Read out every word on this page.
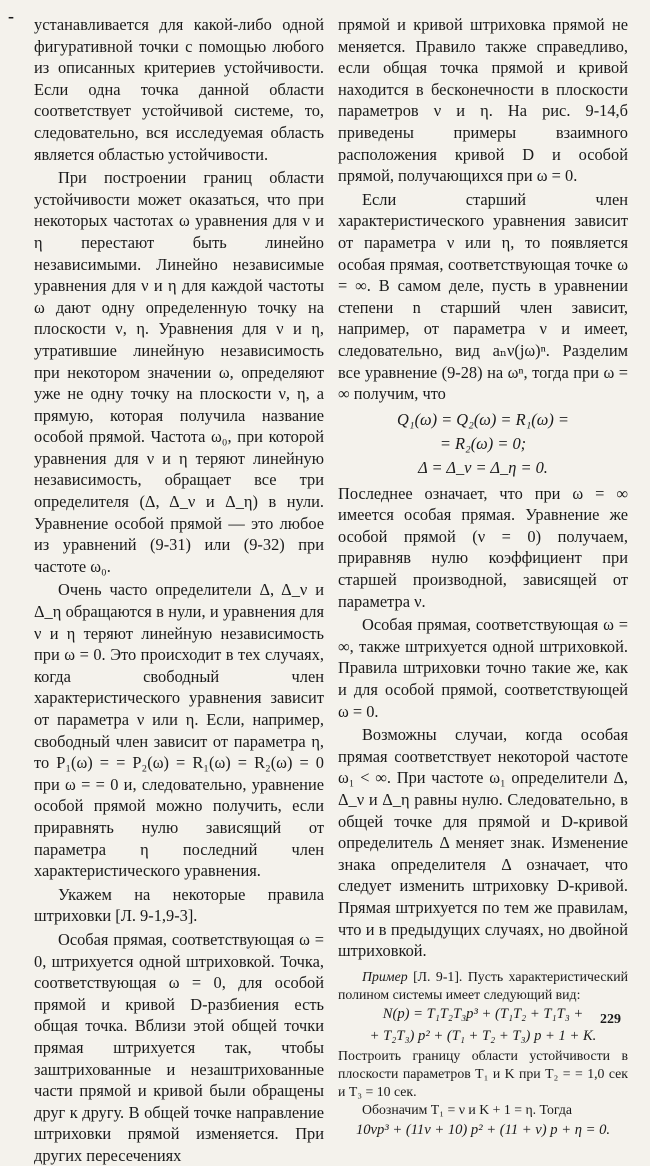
- устанавливается для какой-либо одной фигуративной точки с помощью любого из описанных критериев устойчивости. Если одна точка данной области соответствует устойчивой системе, то, следовательно, вся исследуемая область является областью устойчивости.

При построении границ области устойчивости может оказаться, что при некоторых частотах ω уравнения для ν и η перестают быть линейно независимыми. Линейно независимые уравнения для ν и η для каждой частоты ω дают одну определенную точку на плоскости ν, η. Уравнения для ν и η, утратившие линейную независимость при некотором значении ω, определяют уже не одну точку на плоскости ν, η, а прямую, которая получила название особой прямой. Частота ω₀, при которой уравнения для ν и η теряют линейную независимость, обращает все три определителя (Δ, Δ_ν и Δ_η) в нули. Уравнение особой прямой — это любое из уравнений (9-31) или (9-32) при частоте ω₀.

Очень часто определители Δ, Δ_ν и Δ_η обращаются в нули, и уравнения для ν и η теряют линейную независимость при ω = 0. Это происходит в тех случаях, когда свободный член характеристического уравнения зависит от параметра ν или η. Если, например, свободный член зависит от параметра η, то P₁(ω) = = P₂(ω) = R₁(ω) = R₂(ω) = 0 при ω = = 0 и, следовательно, уравнение особой прямой можно получить, если приравнять нулю зависящий от параметра η последний член характеристического уравнения.

Укажем на некоторые правила штриховки [Л. 9-1,9-3].

Особая прямая, соответствующая ω = 0, штрихуется одной штриховкой. Точка, соответствующая ω = 0, для особой прямой и кривой D-разбиения есть общая точка. Вблизи этой общей точки прямая штрихуется так, чтобы заштрихованные и незаштрихованные части прямой и кривой были обращены друг к другу. В общей точке направление штриховки прямой изменяется. При других пересечениях

прямой и кривой штриховка прямой не меняется. Правило также справедливо, если общая точка прямой и кривой находится в бесконечности в плоскости параметров ν и η. На рис. 9-14,б приведены примеры взаимного расположения кривой D и особой прямой, получающихся при ω = 0.

Если старший член характеристического уравнения зависит от параметра ν или η, то появляется особая прямая, соответствующая точке ω = ∞. В самом деле, пусть в уравнении степени n старший член зависит, например, от параметра ν и имеет, следовательно, вид aₙν(jω)ⁿ. Разделим все уравнение (9-28) на ωⁿ, тогда при ω = ∞ получим, что

Q₁(ω) = Q₂(ω) = R₁(ω) =
= R₂(ω) = 0;
Δ = Δ_ν = Δ_η = 0.

Последнее означает, что при ω = ∞ имеется особая прямая. Уравнение же особой прямой (ν = 0) получаем, приравняв нулю коэффициент при старшей производной, зависящей от параметра ν.

Особая прямая, соответствующая ω = ∞, также штрихуется одной штриховкой. Правила штриховки точно такие же, как и для особой прямой, соответствующей ω = 0.

Возможны случаи, когда особая прямая соответствует некоторой частоте ω₁ < ∞. При частоте ω₁ определители Δ, Δ_ν и Δ_η равны нулю. Следовательно, в общей точке для прямой и D-кривой определитель Δ меняет знак. Изменение знака определителя Δ означает, что следует изменить штриховку D-кривой. Прямая штрихуется по тем же правилам, что и в предыдущих случаях, но двойной штриховкой.

Пример [Л. 9-1]. Пусть характеристический полином системы имеет следующий вид:

N(p) = T₁T₂T₃p³ + (T₁T₂ + T₁T₃ +
+ T₂T₃) p² + (T₁ + T₂ + T₃) p + 1 + K.

Построить границу области устойчивости в плоскости параметров T₁ и K при T₂ = = 1,0 сек и T₃ = 10 сек.

Обозначим T₁ = ν и K + 1 = η. Тогда

10νp³ + (11ν + 10) p² + (11 + ν) p + η = 0.
229
